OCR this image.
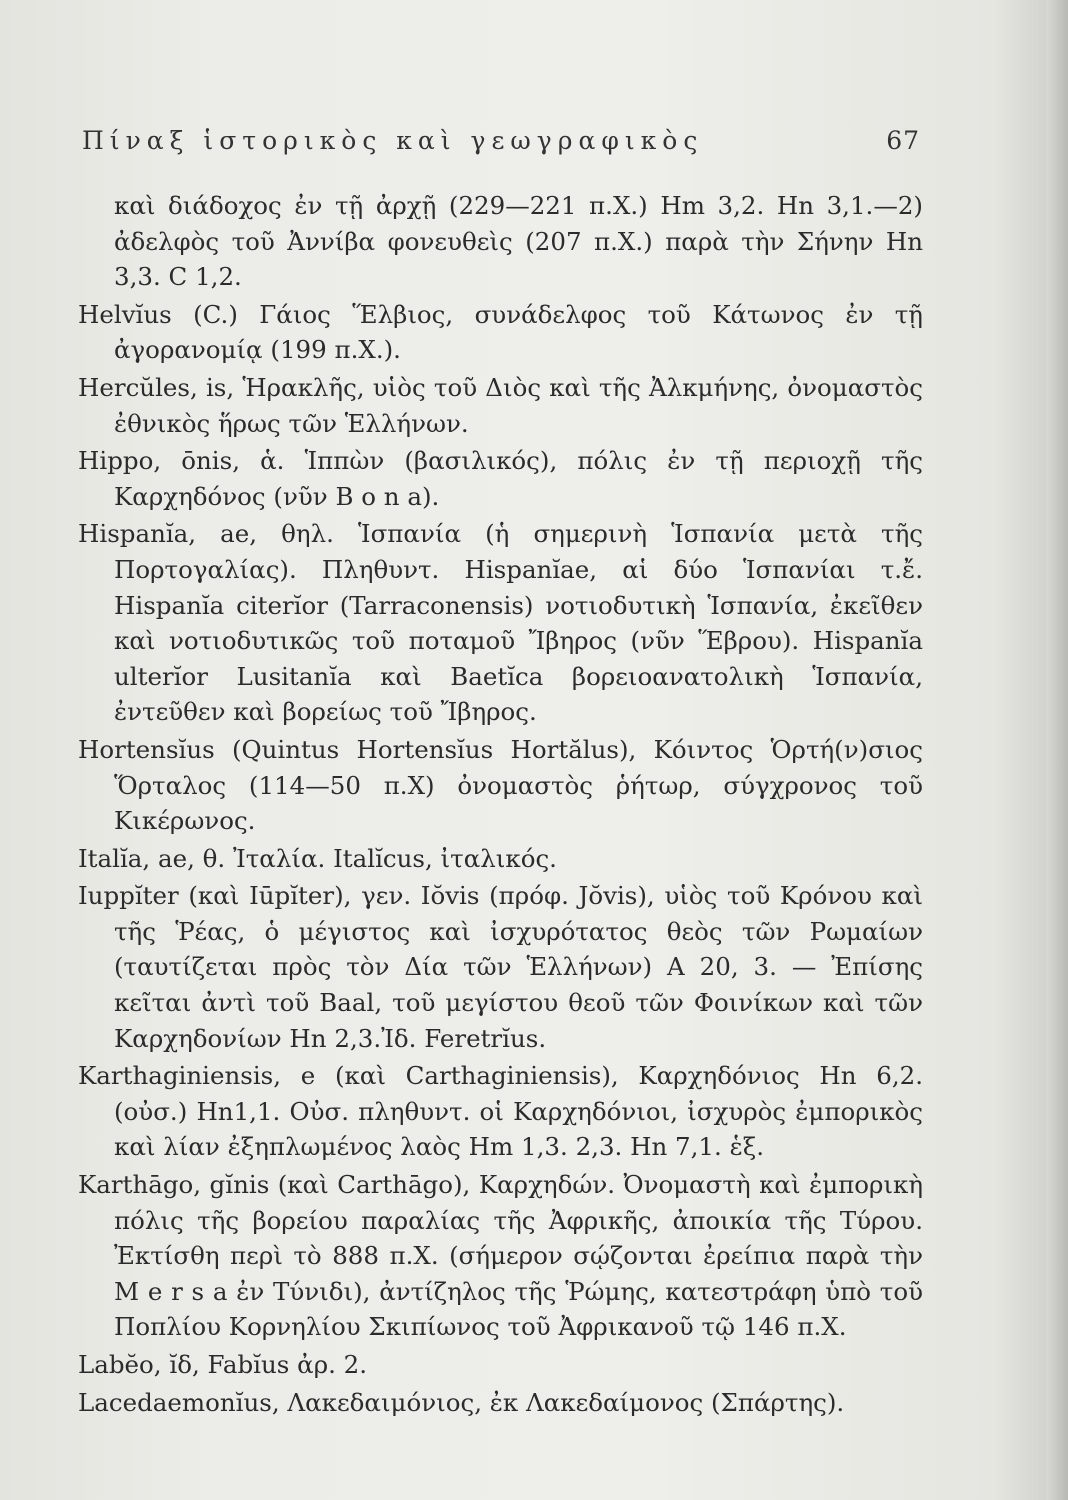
Πίναξ ἱστορικὸς καὶ γεωγραφικὸς	67

καὶ διάδοχος ἐν τῇ ἀρχῇ (229—221 π.Χ.) Hm 3,2. Hn 3,1.—2) ἀδελφὸς τοῦ Ἀννίβα φονευθεὶς (207 π.Χ.) παρὰ τὴν Σήνην Hn 3,3. C 1,2.

Helvĭus (C.) Γάιος Ἕλβιος, συνάδελφος τοῦ Κάτωνος ἐν τῇ ἀγορανομίᾳ (199 π.Χ.).

Hercŭles, is, Ἡρακλῆς, υἱὸς τοῦ Διὸς καὶ τῆς Ἀλκμήνης, ὀνομαστὸς ἐθνικὸς ἥρως τῶν Ἑλλήνων.

Hippo, ōnis, ἁ. Ἱππὼν (βασιλικός), πόλις ἐν τῇ περιοχῇ τῆς Καρχηδόνος (νῦν B o n a).

Hispanĭa, ae, θηλ. Ἱσπανία (ἡ σημερινὴ Ἱσπανία μετὰ τῆς Πορτογαλίας). Πληθυντ. Hispanĭae, αἱ δύο Ἱσπανίαι τ.ἔ. Hispanĭa citerĭor (Tarraconensis) νοτιοδυτικὴ Ἱσπανία, ἐκεῖθεν καὶ νοτιοδυτικῶς τοῦ ποταμοῦ Ἴβηρος (νῦν Ἕβρου). Hispanĭa ulterĭor Lusitanĭa καὶ Baetĭca βορειοανατολικὴ Ἱσπανία, ἐντεῦθεν καὶ βορείως τοῦ Ἴβηρος.

Hortensĭus (Quintus Hortensĭus Hortălus), Κόιντος Ὁρτή(ν)σιος Ὅρταλος (114—50 π.Χ) ὀνομαστὸς ῥήτωρ, σύγχρονος τοῦ Κικέρωνος.

Italĭa, ae, θ. Ἰταλία. Italĭcus, ἰταλικός.

Iuppĭter (καὶ Iūpĭter), γεν. Iŏvis (πρόφ. Jŏvis), υἱὸς τοῦ Κρόνου καὶ τῆς Ῥέας, ὁ μέγιστος καὶ ἰσχυρότατος θεὸς τῶν Ρωμαίων (ταυτίζεται πρὸς τὸν Δία τῶν Ἑλλήνων) A 20, 3. — Ἐπίσης κεῖται ἀντὶ τοῦ Baal, τοῦ μεγίστου θεοῦ τῶν Φοινίκων καὶ τῶν Καρχηδονίων Hn 2,3.Ἰδ. Feretrĭus.

Karthaginiensis, e (καὶ Carthaginiensis), Καρχηδόνιος Hn 6,2. (οὐσ.) Hn1,1. Οὐσ. πληθυντ. οἱ Καρχηδόνιοι, ἰσχυρὸς ἐμπορικὸς καὶ λίαν ἐξηπλωμένος λαὸς Hm 1,3. 2,3. Hn 7,1. ἑξ.

Karthāgo, gĭnis (καὶ Carthāgo), Καρχηδών. Ὀνομαστὴ καὶ ἐμπορικὴ πόλις τῆς βορείου παραλίας τῆς Ἀφρικῆς, ἀποικία τῆς Τύρου. Ἐκτίσθη περὶ τὸ 888 π.Χ. (σήμερον σῴζονται ἐρείπια παρὰ τὴν M e r s a ἐν Τύνιδι), ἀντίζηλος τῆς Ῥώμης, κατεστράφη ὑπὸ τοῦ Ποπλίου Κορνηλίου Σκιπίωνος τοῦ Ἀφρικανοῦ τῷ 146 π.Χ.

Labĕo, ĭδ, Fabĭus ἀρ. 2.

Lacedaemonĭus, Λακεδαιμόνιος, ἐκ Λακεδαίμονος (Σπάρτης).
